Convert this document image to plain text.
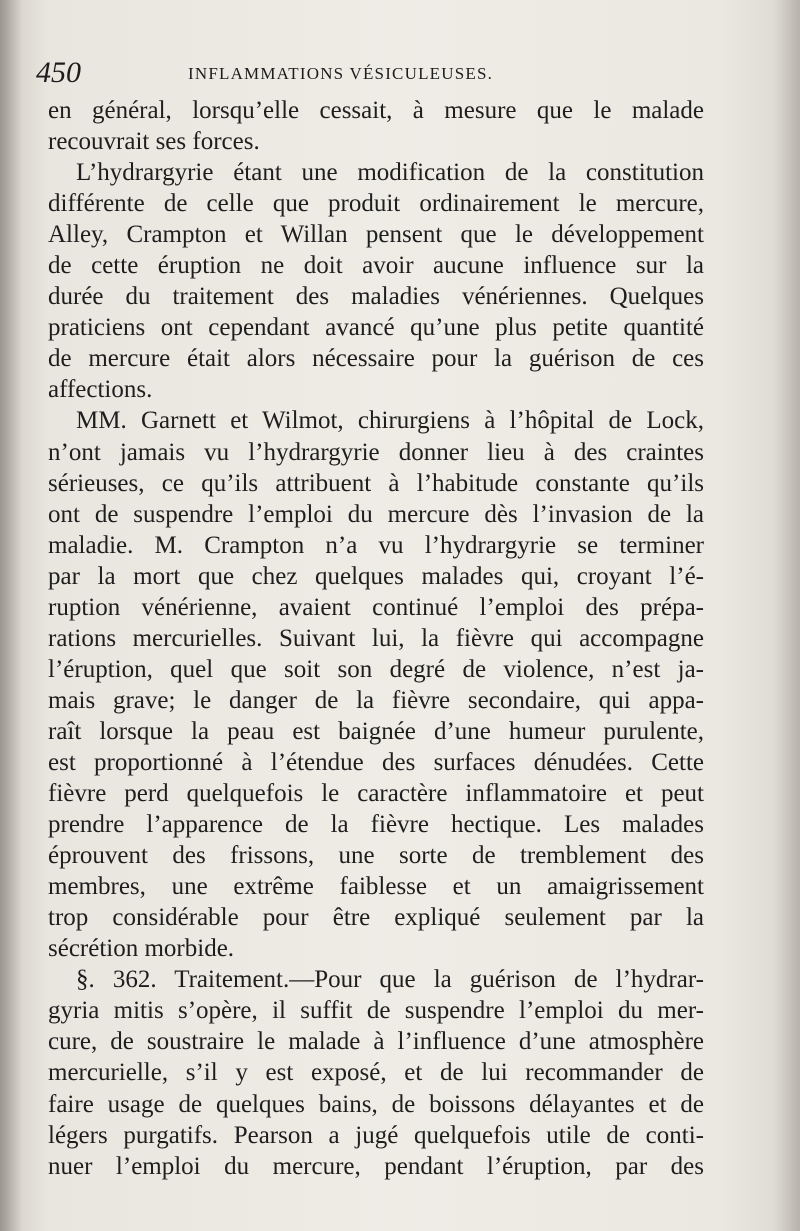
450	INFLAMMATIONS VÉSICULEUSES.
en général, lorsqu’elle cessait, à mesure que le malade
recouvrait ses forces.
L’hydrargyrie étant une modification de la constitution
différente de celle que produit ordinairement le mercure,
Alley, Crampton et Willan pensent que le développement
de cette éruption ne doit avoir aucune influence sur la
durée du traitement des maladies vénériennes. Quelques
praticiens ont cependant avancé qu’une plus petite quantité
de mercure était alors nécessaire pour la guérison de ces
affections.
MM. Garnett et Wilmot, chirurgiens à l’hôpital de Lock,
n’ont jamais vu l’hydrargyrie donner lieu à des craintes
sérieuses, ce qu’ils attribuent à l’habitude constante qu’ils
ont de suspendre l’emploi du mercure dès l’invasion de la
maladie. M. Crampton n’a vu l’hydrargyrie se terminer
par la mort que chez quelques malades qui, croyant l’é-
ruption vénérienne, avaient continué l’emploi des prépa-
rations mercurielles. Suivant lui, la fièvre qui accompagne
l’éruption, quel que soit son degré de violence, n’est ja-
mais grave; le danger de la fièvre secondaire, qui appa-
raît lorsque la peau est baignée d’une humeur purulente,
est proportionné à l’étendue des surfaces dénudées. Cette
fièvre perd quelquefois le caractère inflammatoire et peut
prendre l’apparence de la fièvre hectique. Les malades
éprouvent des frissons, une sorte de tremblement des
membres, une extrême faiblesse et un amaigrissement
trop considérable pour être expliqué seulement par la
sécrétion morbide.
§. 362. Traitement.—Pour que la guérison de l’hydrar-
gyria mitis s’opère, il suffit de suspendre l’emploi du mer-
cure, de soustraire le malade à l’influence d’une atmosphère
mercurielle, s’il y est exposé, et de lui recommander de
faire usage de quelques bains, de boissons délayantes et de
légers purgatifs. Pearson a jugé quelquefois utile de conti-
nuer l’emploi du mercure, pendant l’éruption, par des
